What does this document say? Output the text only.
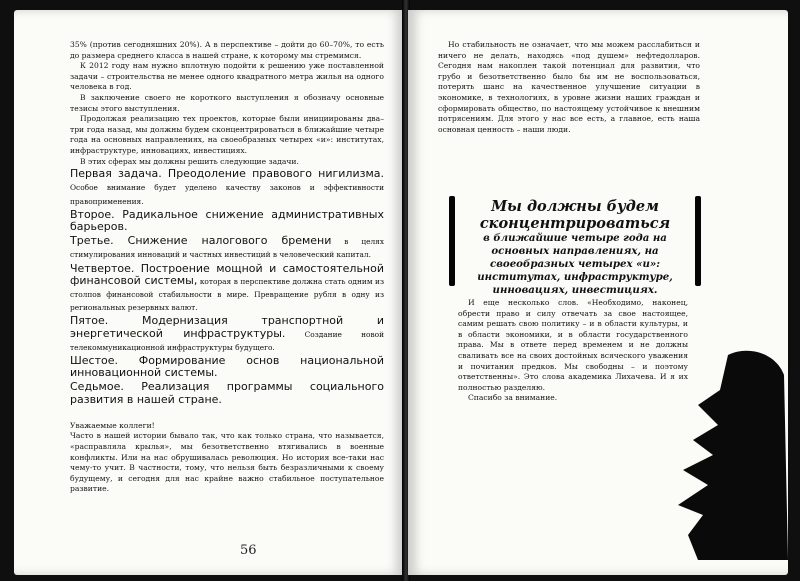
35% (против сегодняшних 20%). А в перспективе – дойти до 60–70%, то есть до размера среднего класса в нашей стране, к которому мы стремимся.

К 2012 году нам нужно вплотную подойти к решению уже поставленной задачи – строительства не менее одного квадратного метра жилья на одного человека в год.

В заключение своего не короткого выступления я обозначу основные тезисы этого выступления.

Продолжая реализацию тех проектов, которые были инициированы два–три года назад, мы должны будем сконцентрироваться в ближайшие четыре года на основных направлениях, на своеобразных четырех «и»: институтах, инфраструктуре, инновациях, инвестициях.

В этих сферах мы должны решить следующие задачи.

Первая задача. Преодоление правового нигилизма. Особое внимание будет уделено качеству законов и эффективности правоприменения.

Второе. Радикальное снижение административных барьеров.

Третье. Снижение налогового бремени в целях стимулирования инноваций и частных инвестиций в человеческий капитал.

Четвертое. Построение мощной и самостоятельной финансовой системы, которая в перспективе должна стать одним из столпов финансовой стабильности в мире. Превращение рубля в одну из региональных резервных валют.

Пятое. Модернизация транспортной и энергетической инфраструктуры. Создание новой телекоммуникационной инфраструктуры будущего.

Шестое. Формирование основ национальной инновационной системы.

Седьмое. Реализация программы социального развития в нашей стране.

Уважаемые коллеги!

Часто в нашей истории бывало так, что как только страна, что называется, «расправляла крылья», мы безответственно втягивались в военные конфликты. Или на нас обрушивалась революция. Но история все-таки нас чему-то учит. В частности, тому, что нельзя быть безразличными к своему будущему, и сегодня для нас крайне важно стабильное поступательное развитие.

56

Но стабильность не означает, что мы можем расслабиться и ничего не делать, находясь «под душем» нефтедолларов. Сегодня нам накоплен такой потенциал для развития, что грубо и безответственно было бы им не воспользоваться, потерять шанс на качественное улучшение ситуации в экономике, в технологиях, в уровне жизни наших граждан и сформировать общество, по настоящему устойчивое к внешним потрясениям. Для этого у нас все есть, а главное, есть наша основная ценность – наши люди.

Мы должны будем сконцентрироваться
в ближайшие четыре года на основных направлениях, на своеобразных четырех «и»: институтах, инфраструктуре, инновациях, инвестициях.

И еще несколько слов. «Необходимо, наконец, обрести право и силу отвечать за свое настоящее, самим решать свою политику – и в области культуры, и в области экономики, и в области государственного права. Мы в ответе перед временем и не должны сваливать все на своих достойных всяческого уважения и почитания предков. Мы свободны – и поэтому ответственны». Это слова академика Лихачева. И я их полностью разделяю.

Спасибо за внимание.
